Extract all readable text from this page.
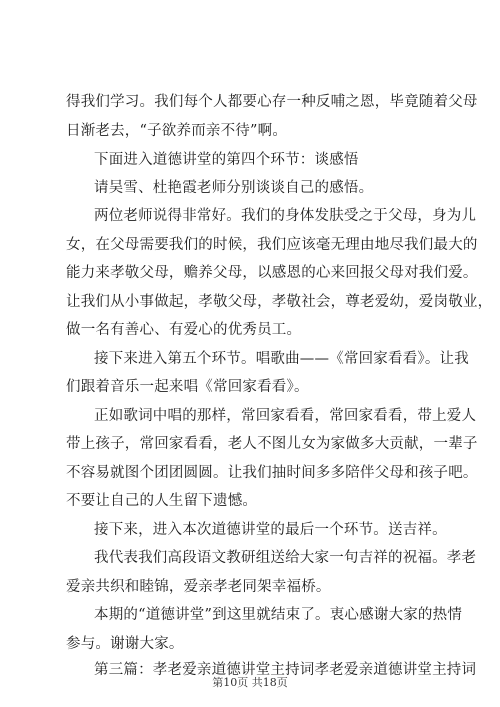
得我们学习。我们每个人都要心存一种反哺之恩，毕竟随着父母
日渐老去，“子欲养而亲不待”啊。
下面进入道德讲堂的第四个环节：谈感悟
请吴雪、杜艳霞老师分别谈谈自己的感悟。
两位老师说得非常好。我们的身体发肤受之于父母，身为儿
女，在父母需要我们的时候，我们应该毫无理由地尽我们最大的
能力来孝敬父母，赡养父母，以感恩的心来回报父母对我们爱。
让我们从小事做起，孝敬父母，孝敬社会，尊老爱幼，爱岗敬业，
做一名有善心、有爱心的优秀员工。
接下来进入第五个环节。唱歌曲——《常回家看看》。让我
们跟着音乐一起来唱《常回家看看》。
正如歌词中唱的那样，常回家看看，常回家看看，带上爱人
带上孩子，常回家看看，老人不图儿女为家做多大贡献，一辈子
不容易就图个团团圆圆。让我们抽时间多多陪伴父母和孩子吧。
不要让自己的人生留下遗憾。
接下来，进入本次道德讲堂的最后一个环节。送吉祥。
我代表我们高段语文教研组送给大家一句吉祥的祝福。孝老
爱亲共织和睦锦，爱亲孝老同架幸福桥。
本期的“道德讲堂”到这里就结束了。衷心感谢大家的热情
参与。谢谢大家。
第三篇：孝老爱亲道德讲堂主持词孝老爱亲道德讲堂主持词
第10页 共18页
